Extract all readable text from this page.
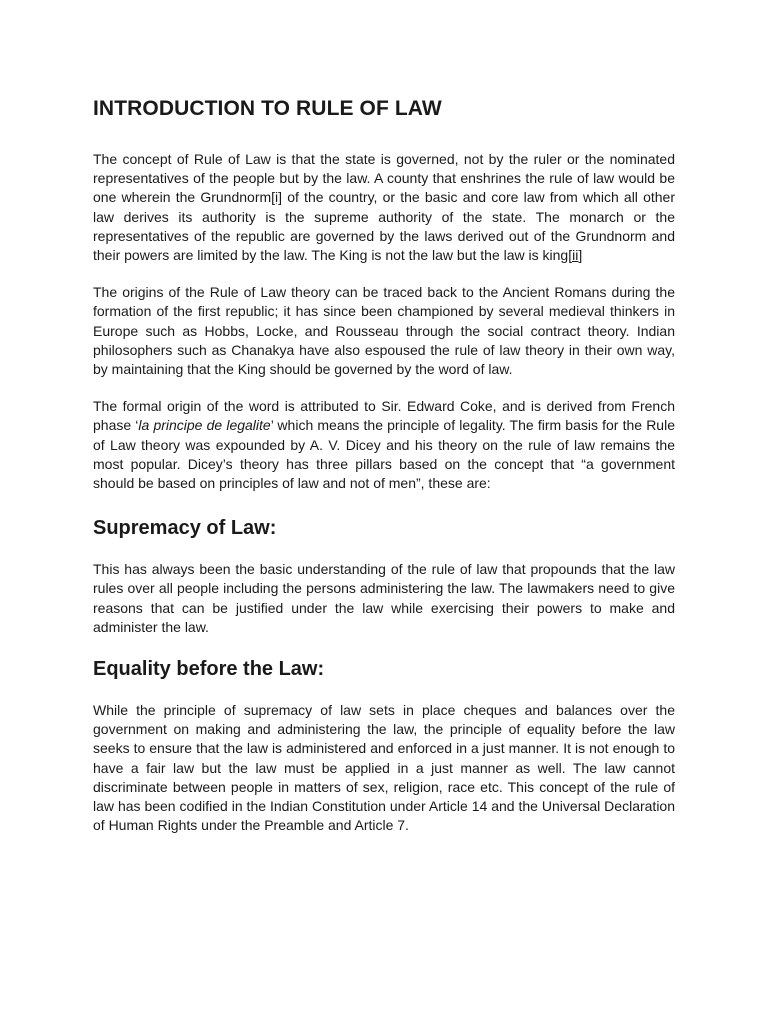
INTRODUCTION TO RULE OF LAW

The concept of Rule of Law is that the state is governed, not by the ruler or the nominated representatives of the people but by the law. A county that enshrines the rule of law would be one wherein the Grundnorm[i] of the country, or the basic and core law from which all other law derives its authority is the supreme authority of the state. The monarch or the representatives of the republic are governed by the laws derived out of the Grundnorm and their powers are limited by the law. The King is not the law but the law is king[ii]

The origins of the Rule of Law theory can be traced back to the Ancient Romans during the formation of the first republic; it has since been championed by several medieval thinkers in Europe such as Hobbs, Locke, and Rousseau through the social contract theory. Indian philosophers such as Chanakya have also espoused the rule of law theory in their own way, by maintaining that the King should be governed by the word of law.

The formal origin of the word is attributed to Sir. Edward Coke, and is derived from French phase ‘la principe de legalite’ which means the principle of legality. The firm basis for the Rule of Law theory was expounded by A. V. Dicey and his theory on the rule of law remains the most popular. Dicey’s theory has three pillars based on the concept that “a government should be based on principles of law and not of men”, these are:

Supremacy of Law:

This has always been the basic understanding of the rule of law that propounds that the law rules over all people including the persons administering the law. The lawmakers need to give reasons that can be justified under the law while exercising their powers to make and administer the law.

Equality before the Law:

While the principle of supremacy of law sets in place cheques and balances over the government on making and administering the law, the principle of equality before the law seeks to ensure that the law is administered and enforced in a just manner. It is not enough to have a fair law but the law must be applied in a just manner as well. The law cannot discriminate between people in matters of sex, religion, race etc. This concept of the rule of law has been codified in the Indian Constitution under Article 14 and the Universal Declaration of Human Rights under the Preamble and Article 7.
